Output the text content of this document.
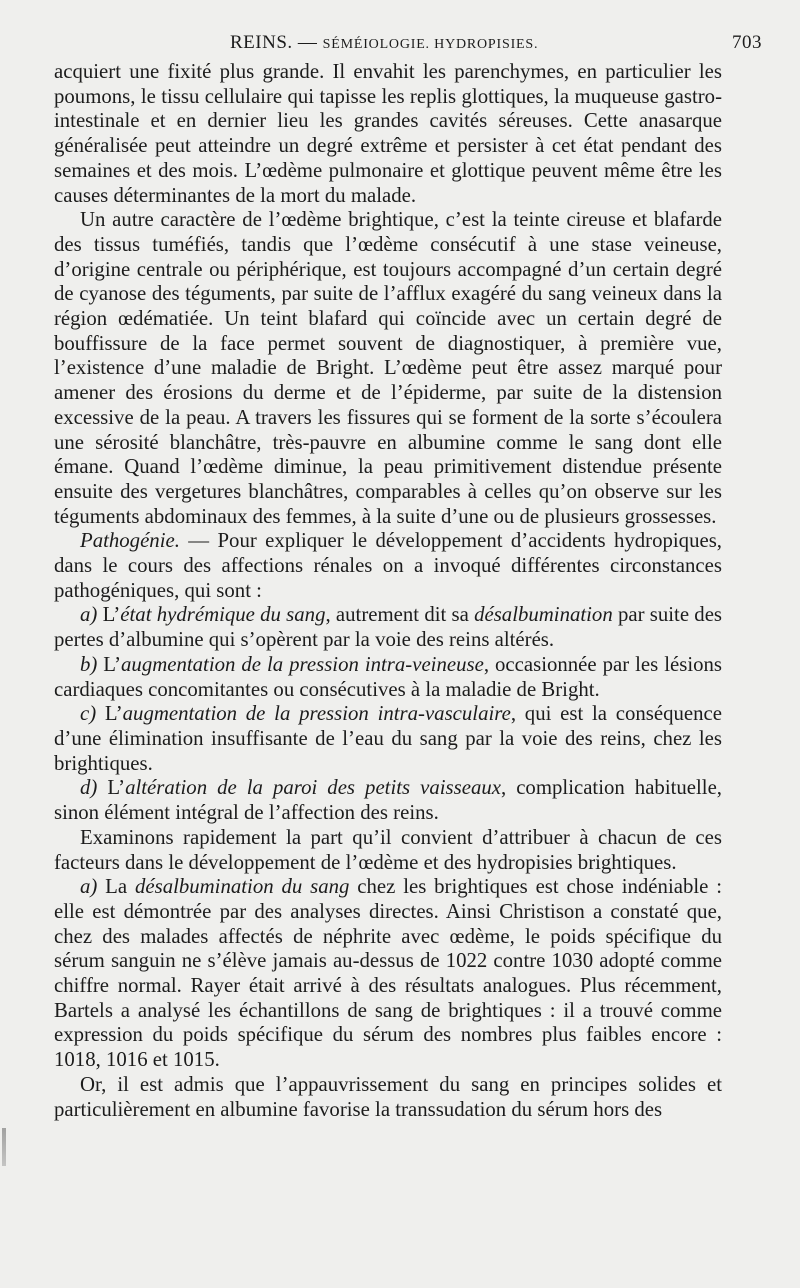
REINS. — SÉMÉIOLOGIE. HYDROPISIES.	703

acquiert une fixité plus grande. Il envahit les parenchymes, en particulier les poumons, le tissu cellulaire qui tapisse les replis glottiques, la muqueuse gastro-intestinale et en dernier lieu les grandes cavités séreuses. Cette anasarque généralisée peut atteindre un degré extrême et persister à cet état pendant des semaines et des mois. L’œdème pulmonaire et glottique peuvent même être les causes déterminantes de la mort du malade.

Un autre caractère de l’œdème brightique, c’est la teinte cireuse et blafarde des tissus tuméfiés, tandis que l’œdème consécutif à une stase veineuse, d’origine centrale ou périphérique, est toujours accompagné d’un certain degré de cyanose des téguments, par suite de l’afflux exagéré du sang veineux dans la région œdématiée. Un teint blafard qui coïncide avec un certain degré de bouffissure de la face permet souvent de diagnostiquer, à première vue, l’existence d’une maladie de Bright. L’œdème peut être assez marqué pour amener des érosions du derme et de l’épiderme, par suite de la distension excessive de la peau. A travers les fissures qui se forment de la sorte s’écoulera une sérosité blanchâtre, très-pauvre en albumine comme le sang dont elle émane. Quand l’œdème diminue, la peau primitivement distendue présente ensuite des vergetures blanchâtres, comparables à celles qu’on observe sur les téguments abdominaux des femmes, à la suite d’une ou de plusieurs grossesses.

Pathogénie. — Pour expliquer le développement d’accidents hydropiques, dans le cours des affections rénales on a invoqué différentes circonstances pathogéniques, qui sont :

a) L’état hydrémique du sang, autrement dit sa désalbumination par suite des pertes d’albumine qui s’opèrent par la voie des reins altérés.

b) L’augmentation de la pression intra-veineuse, occasionnée par les lésions cardiaques concomitantes ou consécutives à la maladie de Bright.

c) L’augmentation de la pression intra-vasculaire, qui est la conséquence d’une élimination insuffisante de l’eau du sang par la voie des reins, chez les brightiques.

d) L’altération de la paroi des petits vaisseaux, complication habituelle, sinon élément intégral de l’affection des reins.

Examinons rapidement la part qu’il convient d’attribuer à chacun de ces facteurs dans le développement de l’œdème et des hydropisies brightiques.

a) La désalbumination du sang chez les brightiques est chose indéniable : elle est démontrée par des analyses directes. Ainsi Christison a constaté que, chez des malades affectés de néphrite avec œdème, le poids spécifique du sérum sanguin ne s’élève jamais au-dessus de 1022 contre 1030 adopté comme chiffre normal. Rayer était arrivé à des résultats analogues. Plus récemment, Bartels a analysé les échantillons de sang de brightiques : il a trouvé comme expression du poids spécifique du sérum des nombres plus faibles encore : 1018, 1016 et 1015.

Or, il est admis que l’appauvrissement du sang en principes solides et particulièrement en albumine favorise la transsudation du sérum hors des
